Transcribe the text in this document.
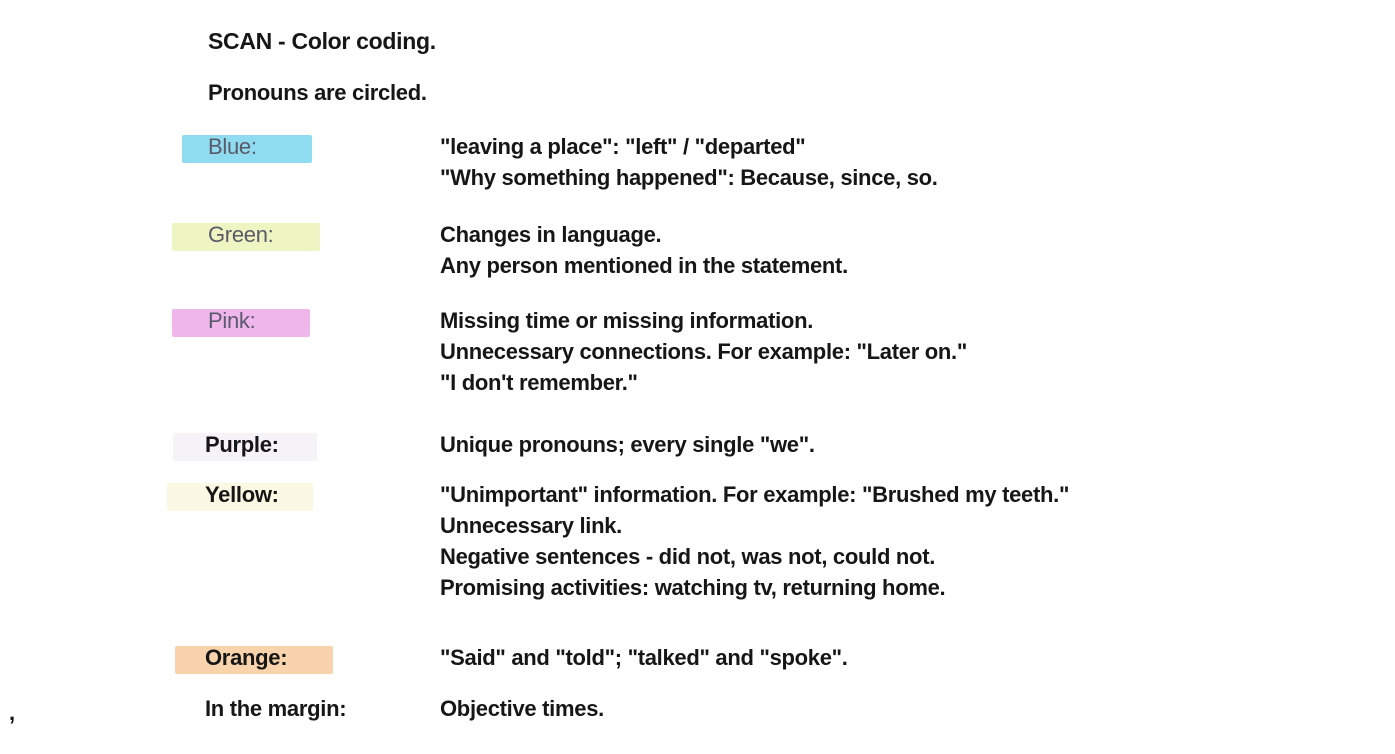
SCAN - Color coding.
Pronouns are circled.
Blue:	"leaving a place": "left" / "departed"
"Why something happened": Because, since, so.
Green:	Changes in language.
Any person mentioned in the statement.
Pink:	Missing time or missing information.
Unnecessary connections. For example: "Later on."
"I don't remember."
Purple:	Unique pronouns; every single "we".
Yellow:	"Unimportant" information. For example: "Brushed my teeth."
Unnecessary link.
Negative sentences - did not, was not, could not.
Promising activities: watching tv, returning home.
Orange:	"Said" and "told"; "talked" and "spoke".
In the margin:	Objective times.
,
